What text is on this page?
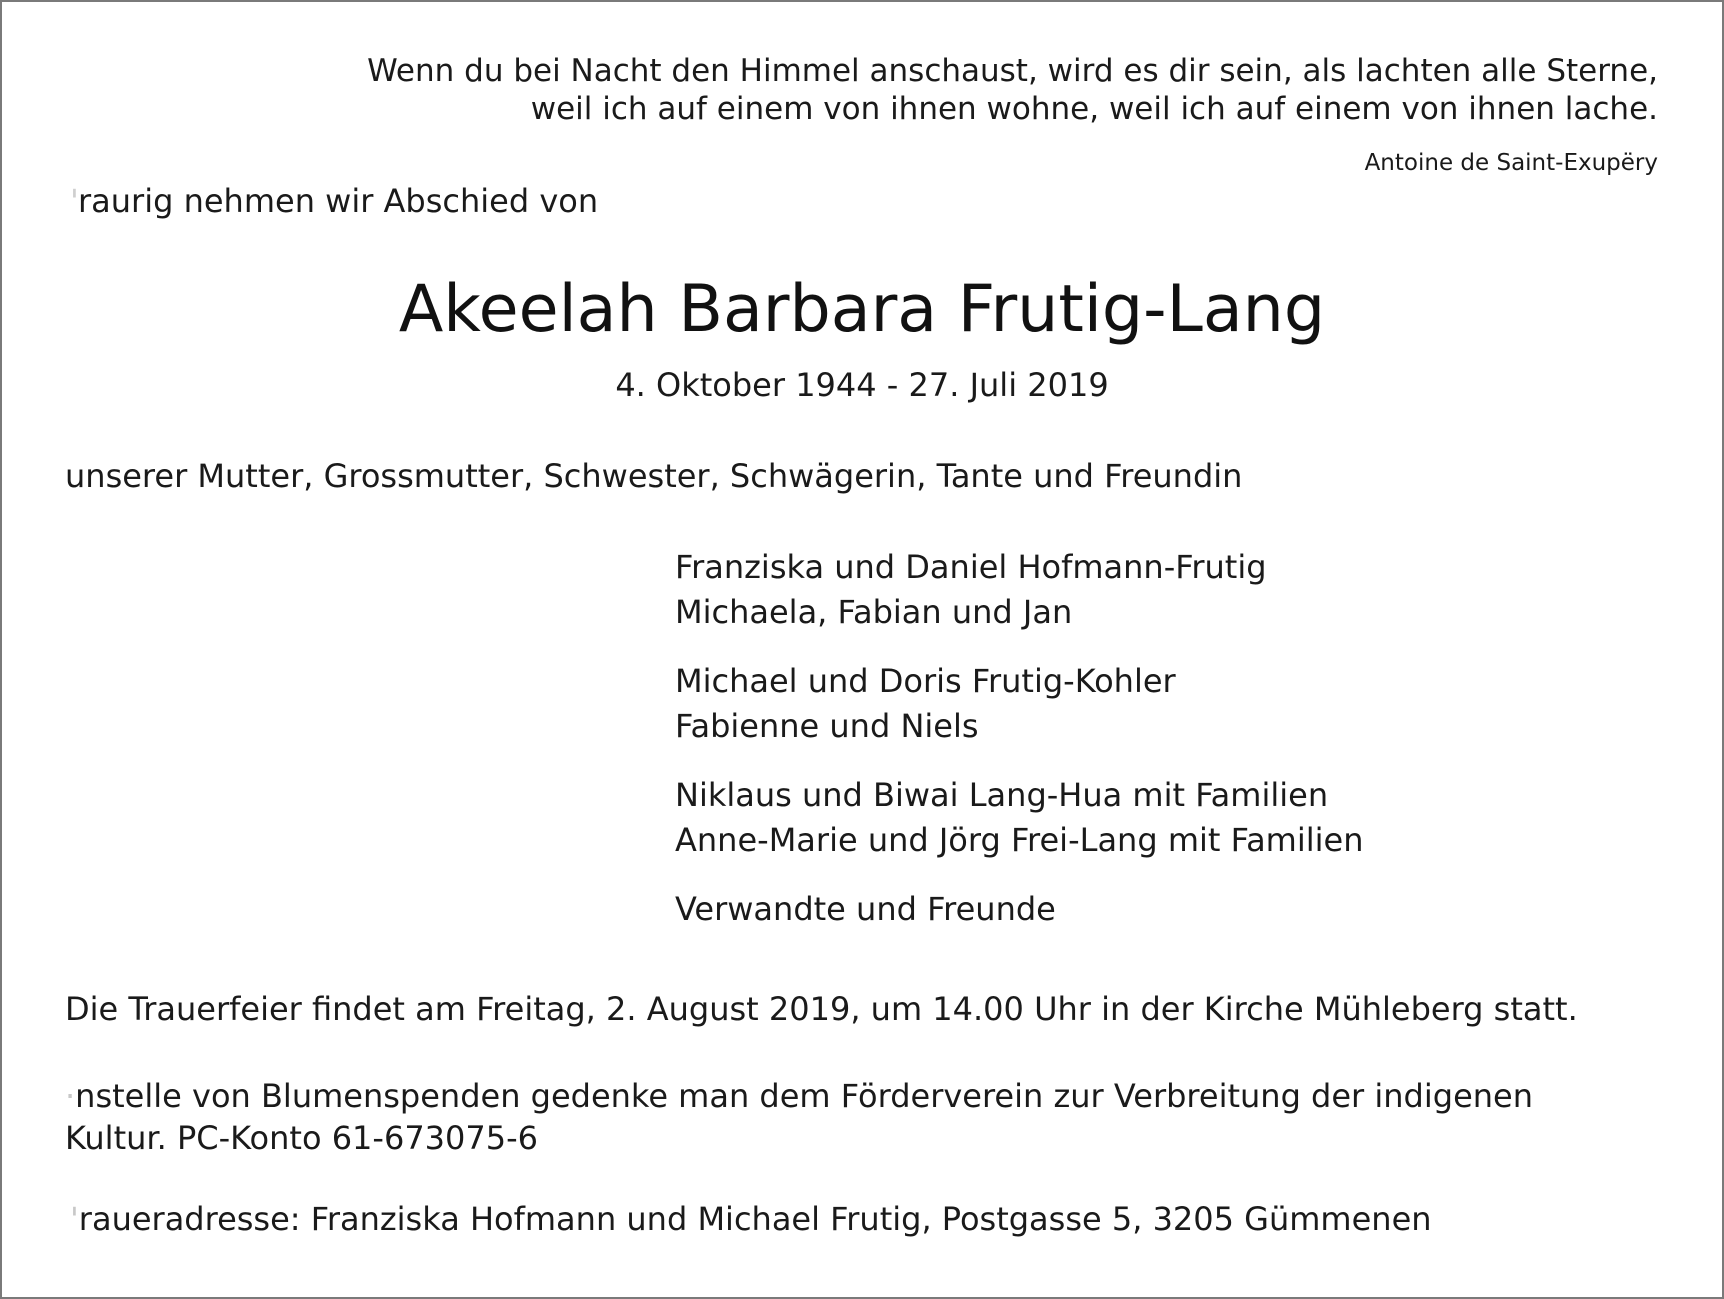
Wenn du bei Nacht den Himmel anschaust, wird es dir sein, als lachten alle Sterne,
weil ich auf einem von ihnen wohne, weil ich auf einem von ihnen lache.
Antoine de Saint-Exupëry
'raurig nehmen wir Abschied von
Akeelah Barbara Frutig-Lang
4. Oktober 1944 - 27. Juli 2019
unserer Mutter, Grossmutter, Schwester, Schwägerin, Tante und Freundin
Franziska und Daniel Hofmann-Frutig
Michaela, Fabian und Jan
Michael und Doris Frutig-Kohler
Fabienne und Niels
Niklaus und Biwai Lang-Hua mit Familien
Anne-Marie und Jörg Frei-Lang mit Familien
Verwandte und Freunde
Die Trauerfeier findet am Freitag, 2. August 2019, um 14.00 Uhr in der Kirche Mühleberg statt.
·nstelle von Blumenspenden gedenke man dem Förderverein zur Verbreitung der indigenen
Kultur. PC-Konto 61-673075-6
'raueradresse: Franziska Hofmann und Michael Frutig, Postgasse 5, 3205 Gümmenen
